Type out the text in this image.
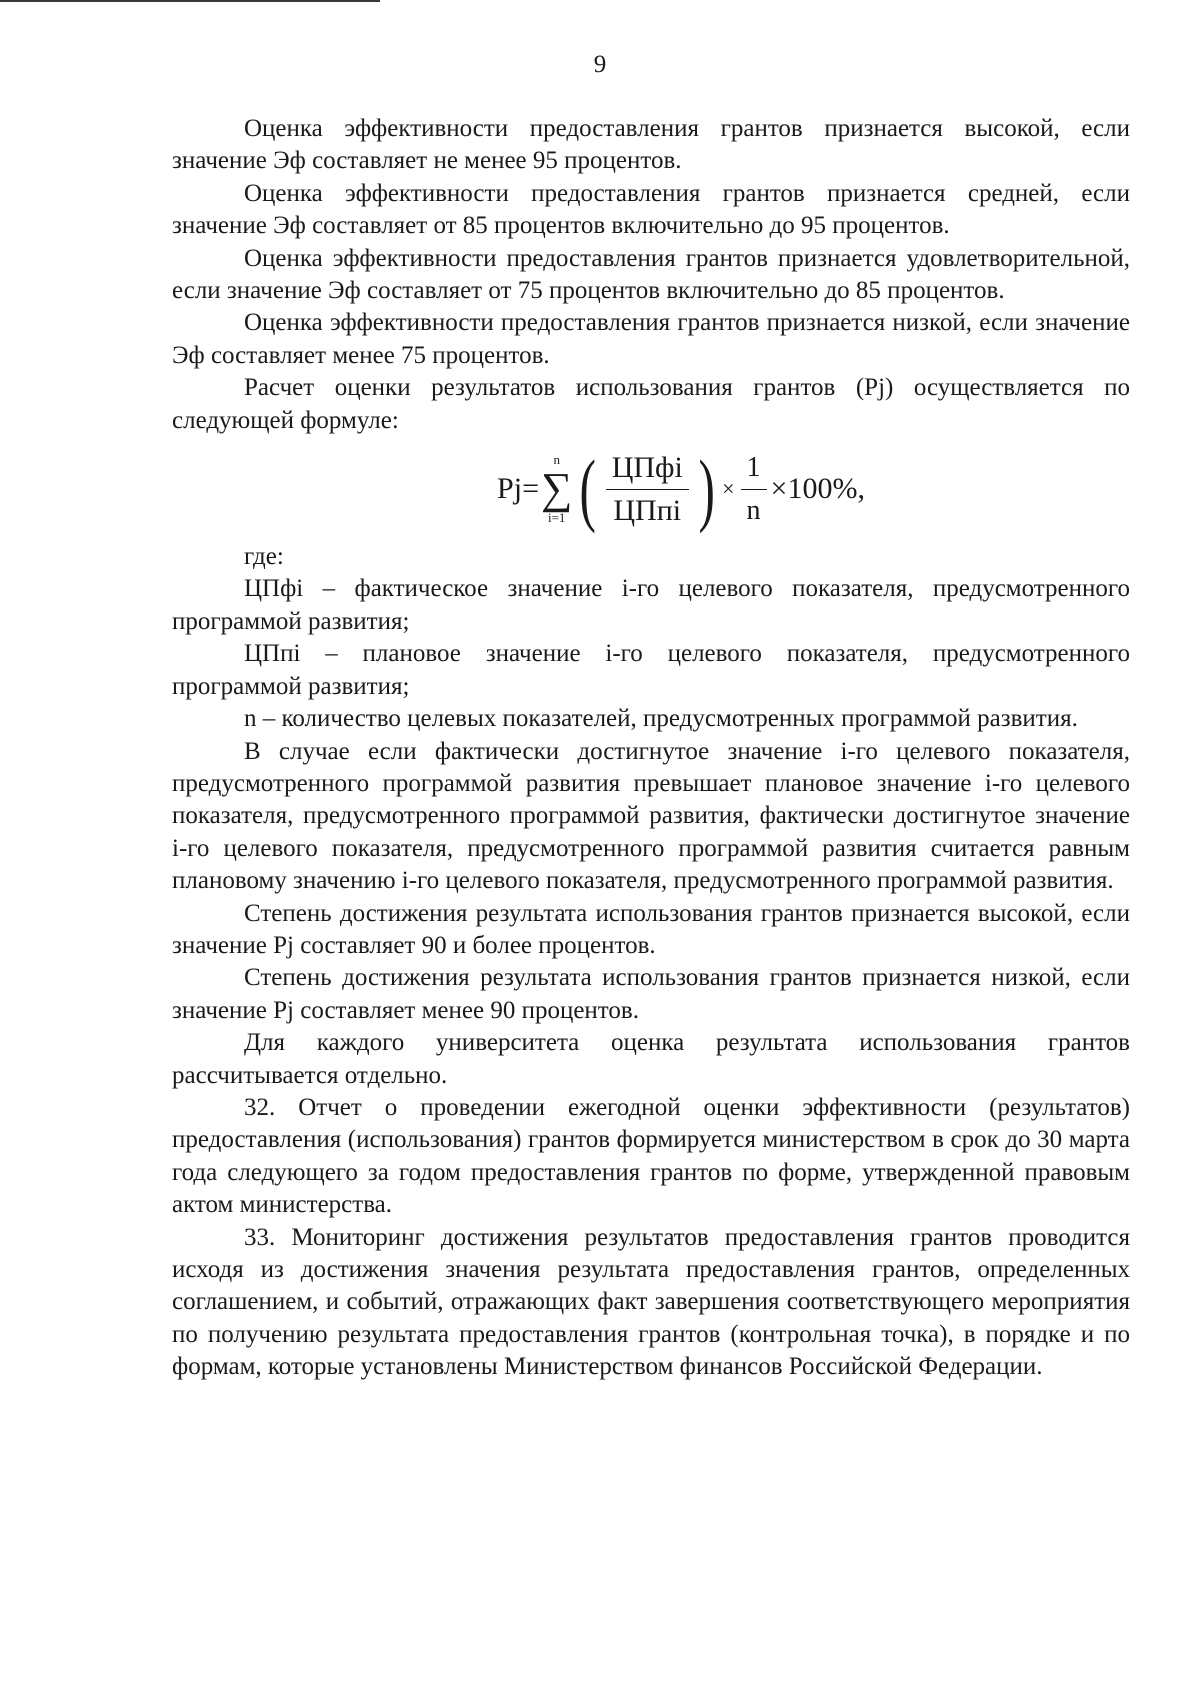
9

Оценка эффективности предоставления грантов признается высокой, если значение Эф составляет не менее 95 процентов.

Оценка эффективности предоставления грантов признается средней, если значение Эф составляет от 85 процентов включительно до 95 процентов.

Оценка эффективности предоставления грантов признается удовлетворительной, если значение Эф составляет от 75 процентов включительно до 85 процентов.

Оценка эффективности предоставления грантов признается низкой, если значение Эф составляет менее 75 процентов.

Расчет оценки результатов использования грантов (Pj) осуществляется по следующей формуле:

Pj=
n
∑
i=1 ( $\frac{\text{ЦПфi}}{\text{ЦПпi}}$ ) × $\frac{1}{n} \times 100\%$,

где:

ЦПфi – фактическое значение i-го целевого показателя, предусмотренного программой развития;

ЦПпi – плановое значение i-го целевого показателя, предусмотренного программой развития;

n – количество целевых показателей, предусмотренных программой развития.

В случае если фактически достигнутое значение i-го целевого показателя, предусмотренного программой развития превышает плановое значение i-го целевого показателя, предусмотренного программой развития, фактически достигнутое значение i-го целевого показателя, предусмотренного программой развития считается равным плановому значению i-го целевого показателя, предусмотренного программой развития.

Степень достижения результата использования грантов признается высокой, если значение Pj составляет 90 и более процентов.

Степень достижения результата использования грантов признается низкой, если значение Pj составляет менее 90 процентов.

Для каждого университета оценка результата использования грантов рассчитывается отдельно.

32. Отчет о проведении ежегодной оценки эффективности (результатов) предоставления (использования) грантов формируется министерством в срок до 30 марта года следующего за годом предоставления грантов по форме, утвержденной правовым актом министерства.

33. Мониторинг достижения результатов предоставления грантов проводится исходя из достижения значения результата предоставления грантов, определенных соглашением, и событий, отражающих факт завершения соответствующего мероприятия по получению результата предоставления грантов (контрольная точка), в порядке и по формам, которые установлены Министерством финансов Российской Федерации.
